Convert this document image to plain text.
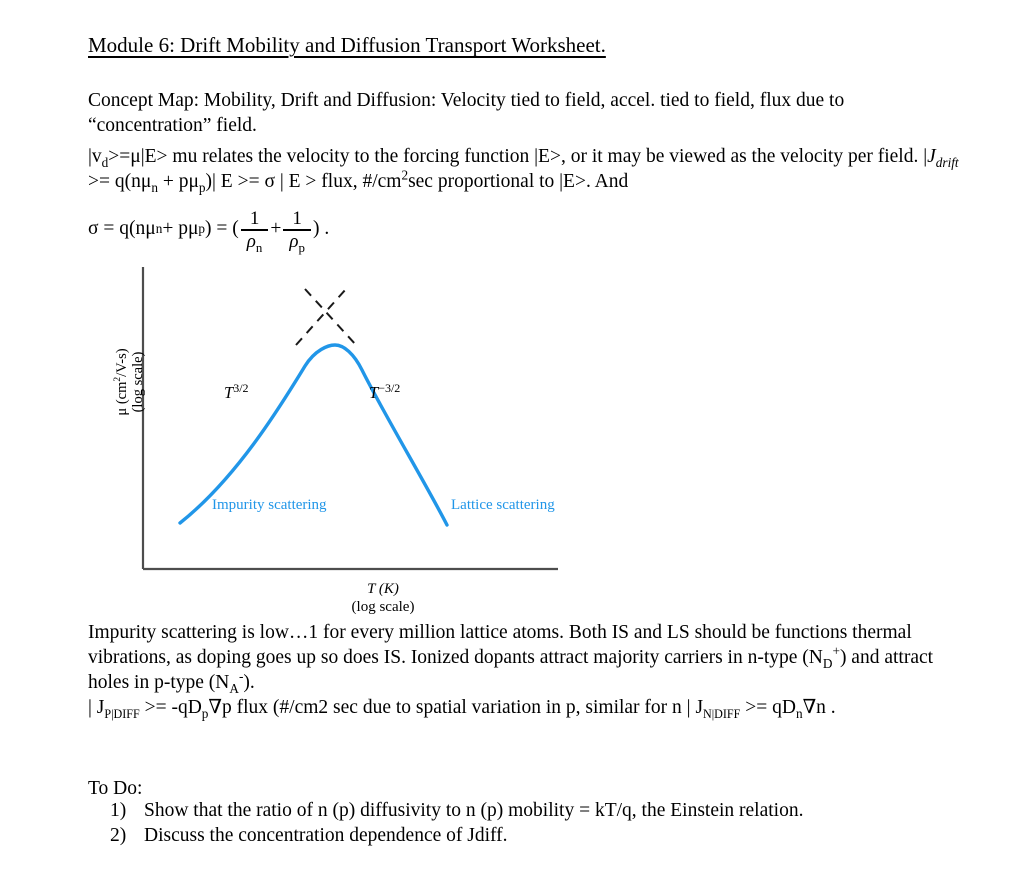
Module 6: Drift Mobility and Diffusion Transport Worksheet.
Concept Map: Mobility, Drift and Diffusion: Velocity tied to field, accel. tied to field, flux due to “concentration” field.
$|v_d>=\mu|E>$ mu relates the velocity to the forcing function |E>, or it may be viewed as the velocity per field. $|J_{drift} >= q(n\mu_n + p\mu_p)|$ E >= σ | E > flux, $\#/cm^2\sec$ proportional to |E>. And
σ = q(nμ n + pμ p ) = ( $\frac{1}{\rho_n} + \frac{1}{\rho_p}$ ) .
μ $(cm^2/V-s)$ (log scale)	$T^{3/2}$	$T^{-3/2}$
Impurity scattering	Lattice scattering
T (K)
(log scale)
Impurity scattering is low…1 for every million lattice atoms. Both IS and LS should be functions thermal vibrations, as doping goes up so does IS. Ionized dopants attract majority carriers in n-type $(N_D^+)$ and attract holes in p-type $(N_A^-)$.
| $J_{P|DIFF} >= -qD_p\nabla p$ flux (#/cm2 sec due to spatial variation in p, similar for n | $J_{N|DIFF} >= qD_n\nabla n$ .
To Do:
1) Show that the ratio of n (p) diffusivity to n (p) mobility = kT/q, the Einstein relation.
2) Discuss the concentration dependence of Jdiff.
